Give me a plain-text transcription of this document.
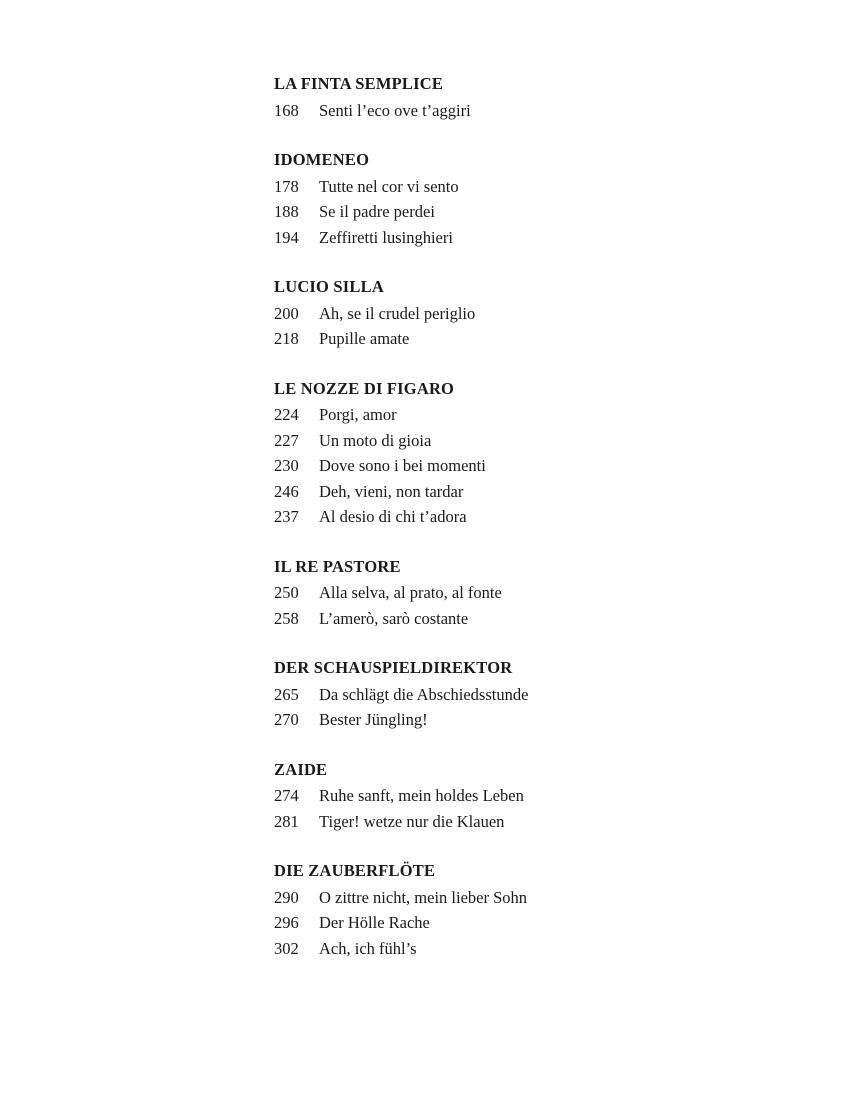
LA FINTA SEMPLICE
168	Senti l’eco ove t’aggiri
IDOMENEO
178	Tutte nel cor vi sento
188	Se il padre perdei
194	Zeffiretti lusinghieri
LUCIO SILLA
200	Ah, se il crudel periglio
218	Pupille amate
LE NOZZE DI FIGARO
224	Porgi, amor
227	Un moto di gioia
230	Dove sono i bei momenti
246	Deh, vieni, non tardar
237	Al desio di chi t’adora
IL RE PASTORE
250	Alla selva, al prato, al fonte
258	L’amerò, sarò costante
DER SCHAUSPIELDIREKTOR
265	Da schlägt die Abschiedsstunde
270	Bester Jüngling!
ZAIDE
274	Ruhe sanft, mein holdes Leben
281	Tiger! wetze nur die Klauen
DIE ZAUBERFLÖTE
290	O zittre nicht, mein lieber Sohn
296	Der Hölle Rache
302	Ach, ich fühl’s
